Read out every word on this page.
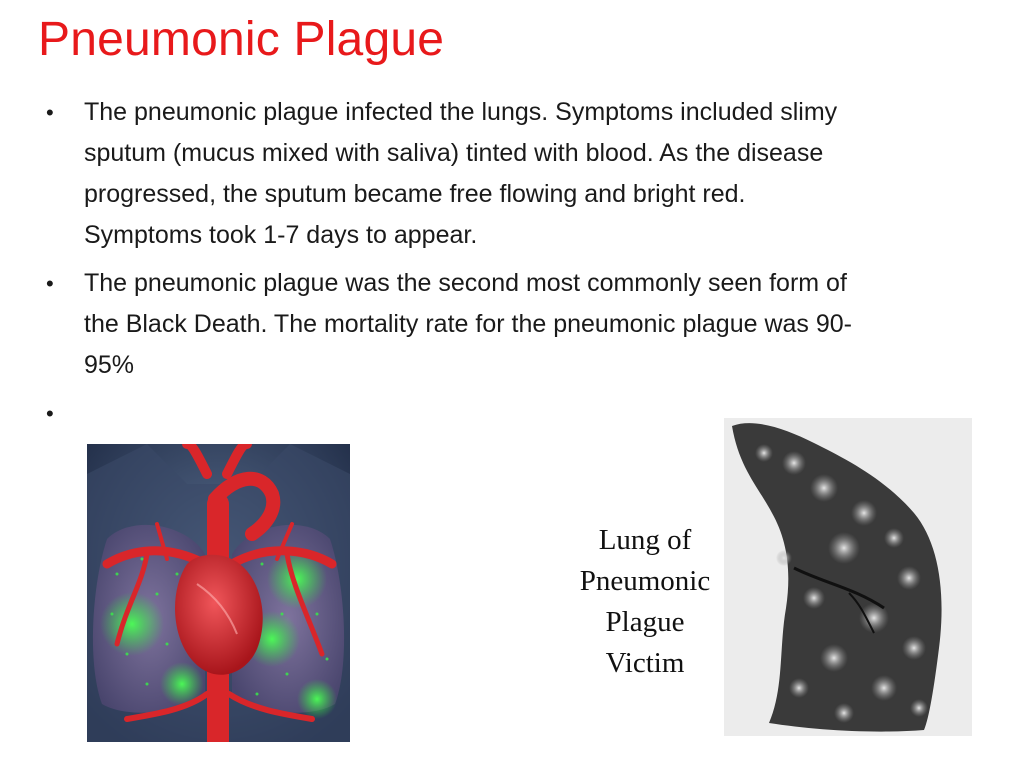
Pneumonic Plague
• The pneumonic plague infected the lungs. Symptoms included slimy sputum (mucus mixed with saliva) tinted with blood. As the disease progressed, the sputum became free flowing and bright red. Symptoms took 1-7 days to appear.
• The pneumonic plague was the second most commonly seen form of the Black Death. The mortality rate for the pneumonic plague was 90-95%
•
Lung of
Pneumonic
Plague
Victim
